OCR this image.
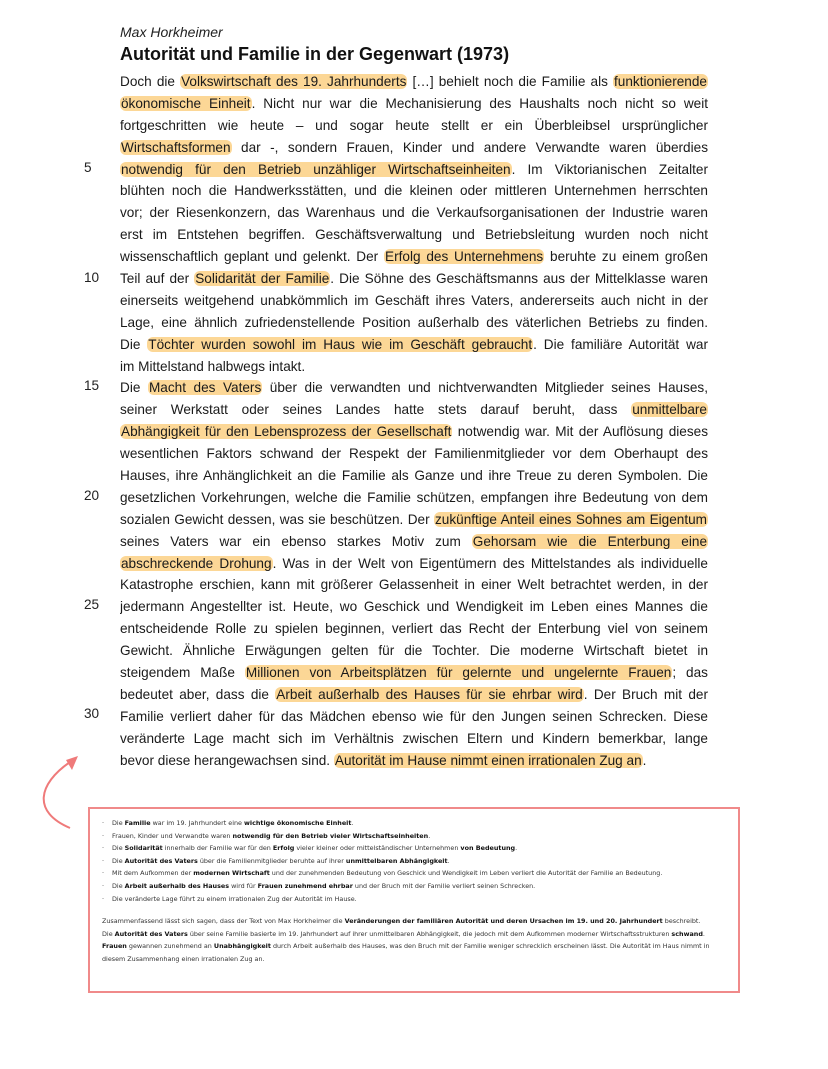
Max Horkheimer
Autorität und Familie in der Gegenwart (1973)
5
10
15
20
25
30
Doch die Volkswirtschaft des 19. Jahrhunderts […] behielt noch die Familie als funktionierende
ökonomische Einheit. Nicht nur war die Mechanisierung des Haushalts noch nicht so weit
fortgeschritten wie heute – und sogar heute stellt er ein Überbleibsel ursprünglicher
Wirtschaftsformen dar -, sondern Frauen, Kinder und andere Verwandte waren überdies
notwendig für den Betrieb unzähliger Wirtschaftseinheiten. Im Viktorianischen Zeitalter
blühten noch die Handwerksstätten, und die kleinen oder mittleren Unternehmen herrschten
vor; der Riesenkonzern, das Warenhaus und die Verkaufsorganisationen der Industrie waren
erst im Entstehen begriffen. Geschäftsverwaltung und Betriebsleitung wurden noch nicht
wissenschaftlich geplant und gelenkt. Der Erfolg des Unternehmens beruhte zu einem großen
Teil auf der Solidarität der Familie. Die Söhne des Geschäftsmanns aus der Mittelklasse waren
einerseits weitgehend unabkömmlich im Geschäft ihres Vaters, andererseits auch nicht in der
Lage, eine ähnlich zufriedenstellende Position außerhalb des väterlichen Betriebs zu finden.
Die Töchter wurden sowohl im Haus wie im Geschäft gebraucht. Die familiäre Autorität war
im Mittelstand halbwegs intakt.
Die Macht des Vaters über die verwandten und nichtverwandten Mitglieder seines Hauses,
seiner Werkstatt oder seines Landes hatte stets darauf beruht, dass unmittelbare
Abhängigkeit für den Lebensprozess der Gesellschaft notwendig war. Mit der Auflösung dieses
wesentlichen Faktors schwand der Respekt der Familienmitglieder vor dem Oberhaupt des
Hauses, ihre Anhänglichkeit an die Familie als Ganze und ihre Treue zu deren Symbolen. Die
gesetzlichen Vorkehrungen, welche die Familie schützen, empfangen ihre Bedeutung von dem
sozialen Gewicht dessen, was sie beschützen. Der zukünftige Anteil eines Sohnes am Eigentum
seines Vaters war ein ebenso starkes Motiv zum Gehorsam wie die Enterbung eine
abschreckende Drohung. Was in der Welt von Eigentümern des Mittelstandes als individuelle
Katastrophe erschien, kann mit größerer Gelassenheit in einer Welt betrachtet werden, in der
jedermann Angestellter ist. Heute, wo Geschick und Wendigkeit im Leben eines Mannes die
entscheidende Rolle zu spielen beginnen, verliert das Recht der Enterbung viel von seinem
Gewicht. Ähnliche Erwägungen gelten für die Tochter. Die moderne Wirtschaft bietet in
steigendem Maße Millionen von Arbeitsplätzen für gelernte und ungelernte Frauen; das
bedeutet aber, dass die Arbeit außerhalb des Hauses für sie ehrbar wird. Der Bruch mit der
Familie verliert daher für das Mädchen ebenso wie für den Jungen seinen Schrecken. Diese
veränderte Lage macht sich im Verhältnis zwischen Eltern und Kindern bemerkbar, lange
bevor diese herangewachsen sind. Autorität im Hause nimmt einen irrationalen Zug an.
· Die Familie war im 19. Jahrhundert eine wichtige ökonomische Einheit.
· Frauen, Kinder und Verwandte waren notwendig für den Betrieb vieler Wirtschaftseinheiten.
· Die Solidarität innerhalb der Familie war für den Erfolg vieler kleiner oder mittelständischer Unternehmen von Bedeutung.
· Die Autorität des Vaters über die Familienmitglieder beruhte auf ihrer unmittelbaren Abhängigkeit.
· Mit dem Aufkommen der modernen Wirtschaft und der zunehmenden Bedeutung von Geschick und Wendigkeit im Leben verliert die Autorität der Familie an Bedeutung.
· Die Arbeit außerhalb des Hauses wird für Frauen zunehmend ehrbar und der Bruch mit der Familie verliert seinen Schrecken.
· Die veränderte Lage führt zu einem irrationalen Zug der Autorität im Hause.
Zusammenfassend lässt sich sagen, dass der Text von Max Horkheimer die Veränderungen der familiären Autorität und deren Ursachen im 19. und 20. Jahrhundert beschreibt.
Die Autorität des Vaters über seine Familie basierte im 19. Jahrhundert auf ihrer unmittelbaren Abhängigkeit, die jedoch mit dem Aufkommen moderner Wirtschaftsstrukturen schwand.
Frauen gewannen zunehmend an Unabhängigkeit durch Arbeit außerhalb des Hauses, was den Bruch mit der Familie weniger schrecklich erscheinen lässt. Die Autorität im Haus nimmt in
diesem Zusammenhang einen irrationalen Zug an.
